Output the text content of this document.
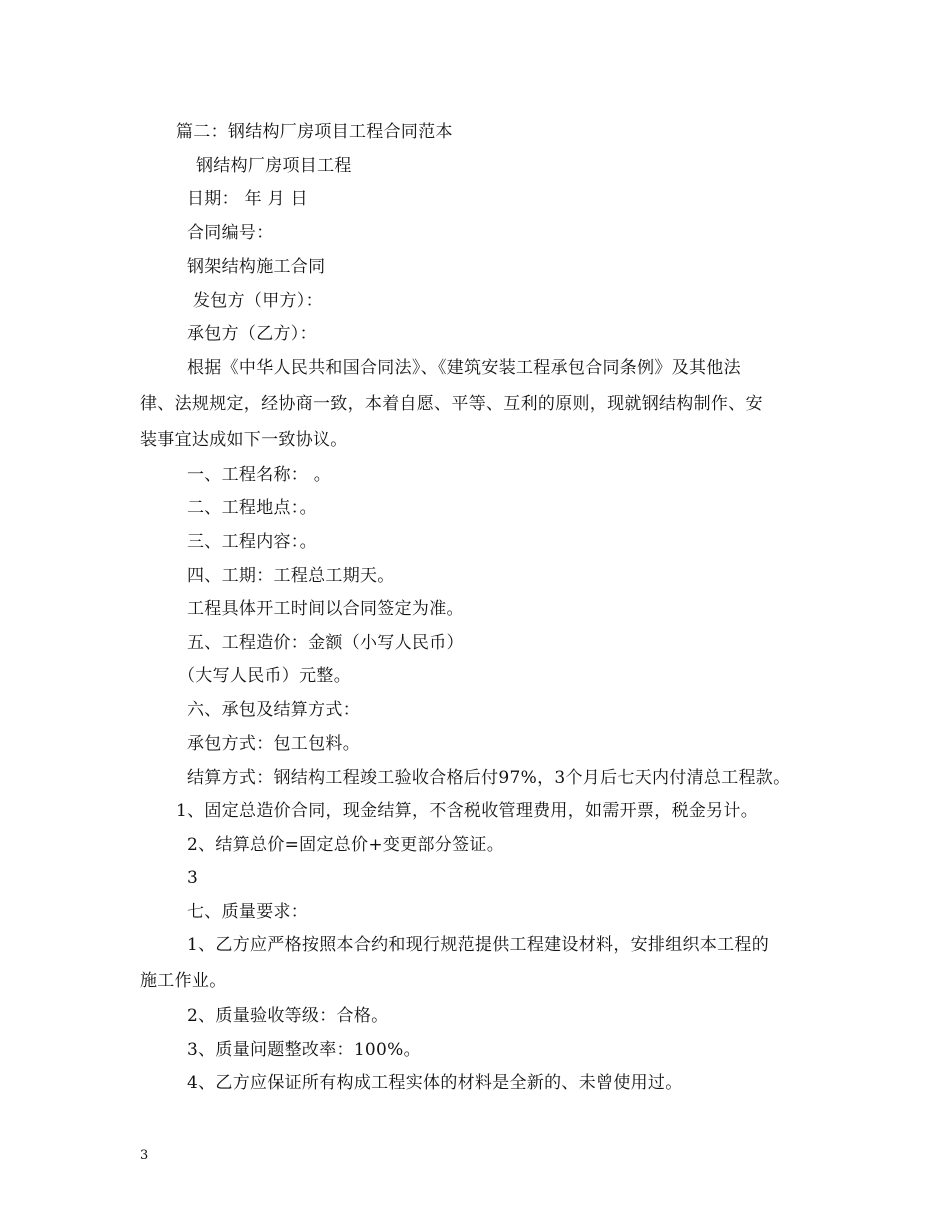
篇二：钢结构厂房项目工程合同范本
钢结构厂房项目工程
日期： 年 月 日
合同编号：
钢架结构施工合同
发包方（甲方）：
承包方（乙方）：
根据《中华人民共和国合同法》、《建筑安装工程承包合同条例》及其他法
律、法规规定，经协商一致，本着自愿、平等、互利的原则，现就钢结构制作、安
装事宜达成如下一致协议。
一、工程名称： 。
二、工程地点：。
三、工程内容：。
四、工期：工程总工期天。
工程具体开工时间以合同签定为准。
五、工程造价：金额（小写人民币）
（大写人民币）元整。
六、承包及结算方式：
承包方式：包工包料。
结算方式：钢结构工程竣工验收合格后付97%，3个月后七天内付清总工程款。
1、固定总造价合同，现金结算，不含税收管理费用，如需开票，税金另计。
2、结算总价=固定总价+变更部分签证。
3
七、质量要求：
1、乙方应严格按照本合约和现行规范提供工程建设材料，安排组织本工程的
施工作业。
2、质量验收等级：合格。
3、质量问题整改率：100%。
4、乙方应保证所有构成工程实体的材料是全新的、未曾使用过。
3
